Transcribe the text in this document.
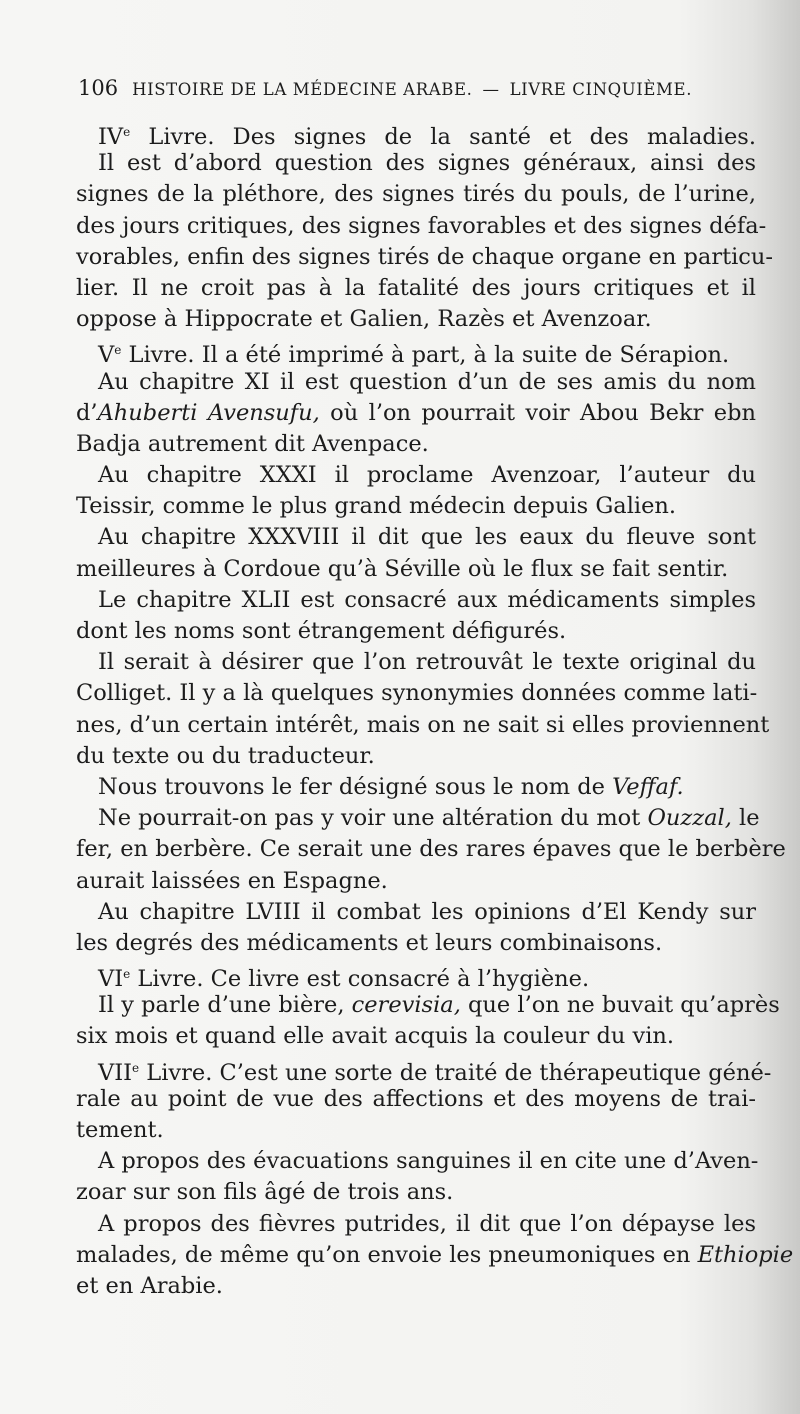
106 HISTOIRE DE LA MÉDECINE ARABE. — LIVRE CINQUIÈME.
IVe Livre. Des signes de la santé et des maladies.
Il est d’abord question des signes généraux, ainsi des
signes de la pléthore, des signes tirés du pouls, de l’urine,
des jours critiques, des signes favorables et des signes défa-
vorables, enfin des signes tirés de chaque organe en particu-
lier. Il ne croit pas à la fatalité des jours critiques et il
oppose à Hippocrate et Galien, Razès et Avenzoar.
Ve Livre. Il a été imprimé à part, à la suite de Sérapion.
Au chapitre XI il est question d’un de ses amis du nom
d’Ahuberti Avensufu, où l’on pourrait voir Abou Bekr ebn
Badja autrement dit Avenpace.
Au chapitre XXXI il proclame Avenzoar, l’auteur du
Teissir, comme le plus grand médecin depuis Galien.
Au chapitre XXXVIII il dit que les eaux du fleuve sont
meilleures à Cordoue qu’à Séville où le flux se fait sentir.
Le chapitre XLII est consacré aux médicaments simples
dont les noms sont étrangement défigurés.
Il serait à désirer que l’on retrouvât le texte original du
Colliget. Il y a là quelques synonymies données comme lati-
nes, d’un certain intérêt, mais on ne sait si elles proviennent
du texte ou du traducteur.
Nous trouvons le fer désigné sous le nom de Veffaf.
Ne pourrait-on pas y voir une altération du mot Ouzzal, le
fer, en berbère. Ce serait une des rares épaves que le berbère
aurait laissées en Espagne.
Au chapitre LVIII il combat les opinions d’El Kendy sur
les degrés des médicaments et leurs combinaisons.
VIe Livre. Ce livre est consacré à l’hygiène.
Il y parle d’une bière, cerevisia, que l’on ne buvait qu’après
six mois et quand elle avait acquis la couleur du vin.
VIIe Livre. C’est une sorte de traité de thérapeutique géné-
rale au point de vue des affections et des moyens de trai-
tement.
A propos des évacuations sanguines il en cite une d’Aven-
zoar sur son fils âgé de trois ans.
A propos des fièvres putrides, il dit que l’on dépayse les
malades, de même qu’on envoie les pneumoniques en Ethiopie
et en Arabie.
